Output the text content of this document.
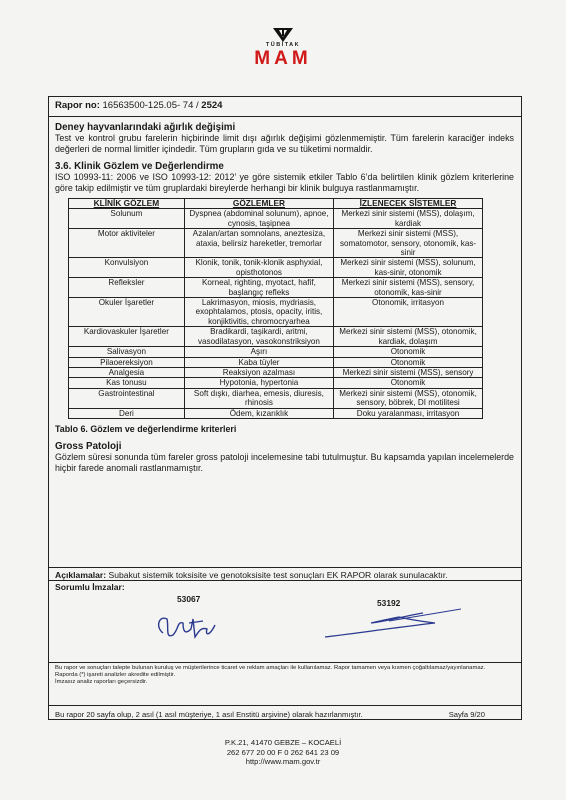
TÜBİTAK
MAM
Rapor no: 16563500-125.05- 74 / 2524
Deney hayvanlarındaki ağırlık değişimi
Test ve kontrol grubu farelerin hiçbirinde limit dışı ağırlık değişimi gözlenmemiştir. Tüm farelerin karaciğer indeks değerleri de normal limitler içindedir. Tüm grupların gıda ve su tüketimi normaldir.
3.6. Klinik Gözlem ve Değerlendirme
ISO 10993-11: 2006 ve ISO 10993-12: 2012’ ye göre sistemik etkiler Tablo 6’da belirtilen klinik gözlem kriterlerine göre takip edilmiştir ve tüm gruplardaki bireylerde herhangi bir klinik bulguya rastlanmamıştır.
KLİNİK GÖZLEM	GÖZLEMLER	İZLENECEK SİSTEMLER
Solunum	Dyspnea (abdominal solunum), apnoe, cynosis, taşipnea	Merkezi sinir sistemi (MSS), dolaşım, kardiak
Motor aktiviteler	Azalan/artan somnolans, aneztesiza, ataxia, belirsiz hareketler, tremorlar	Merkezi sinir sistemi (MSS), somatomotor, sensory, otonomik, kas-sinir
Konvulsiyon	Klonik, tonik, tonik-klonik asphyxial, opisthotonos	Merkezi sinir sistemi (MSS), solunum, kas-sinir, otonomik
Refleksler	Korneal, righting, myotact, hafif, başlangıç refleks	Merkezi sinir sistemi (MSS), sensory, otonomik, kas-sinir
Okuler İşaretler	Lakrimasyon, miosis, mydriasis, exophtalamos, ptosis, opacity, iritis, konjiktivitis, chromocryarhea	Otonomik, irritasyon
Kardiovaskuler İşaretler	Bradikardi, taşikardi, aritmi, vasodilatasyon, vasokonstriksiyon	Merkezi sinir sistemi (MSS), otonomik, kardiak, dolaşım
Salivasyon	Aşırı	Otonomik
Pilaoereksiyon	Kaba tüyler	Otonomik
Analgesia	Reaksiyon azalması	Merkezi sinir sistemi (MSS), sensory
Kas tonusu	Hypotonia, hypertonia	Otonomik
Gastrointestinal	Soft dışkı, diarhea, emesis, diuresis, rhinosis	Merkezi sinir sistemi (MSS), otonomik, sensory, böbrek, DI motilitesi
Deri	Ödem, kızarıklık	Doku yaralanması, irritasyon
Tablo 6. Gözlem ve değerlendirme kriterleri
Gross Patoloji
Gözlem süresi sonunda tüm fareler gross patoloji incelemesine tabi tutulmuştur. Bu kapsamda yapılan incelemelerde hiçbir farede anomali rastlanmamıştır.
Açıklamalar: Subakut sistemik toksisite ve genotoksisite test sonuçları EK RAPOR olarak sunulacaktır.
Sorumlu İmzalar:
53067	53192
Bu rapor ve sonuçları talepte bulunan kuruluş ve müşterilerince ticaret ve reklam amaçları ile kullanılamaz. Rapor tamamen veya kısmen çoğaltılamaz/yayınlanamaz.
Raporda (*) işareti analizler akredite edilmiştir.
İmzasız analiz raporları geçersizdir.
Bu rapor 20 sayfa olup, 2 asıl (1 asıl müşteriye, 1 asıl Enstitü arşivine) olarak hazırlanmıştır.	Sayfa 9/20
P.K.21, 41470 GEBZE – KOCAELİ
262 677 20 00 F 0 262 641 23 09
http://www.mam.gov.tr
